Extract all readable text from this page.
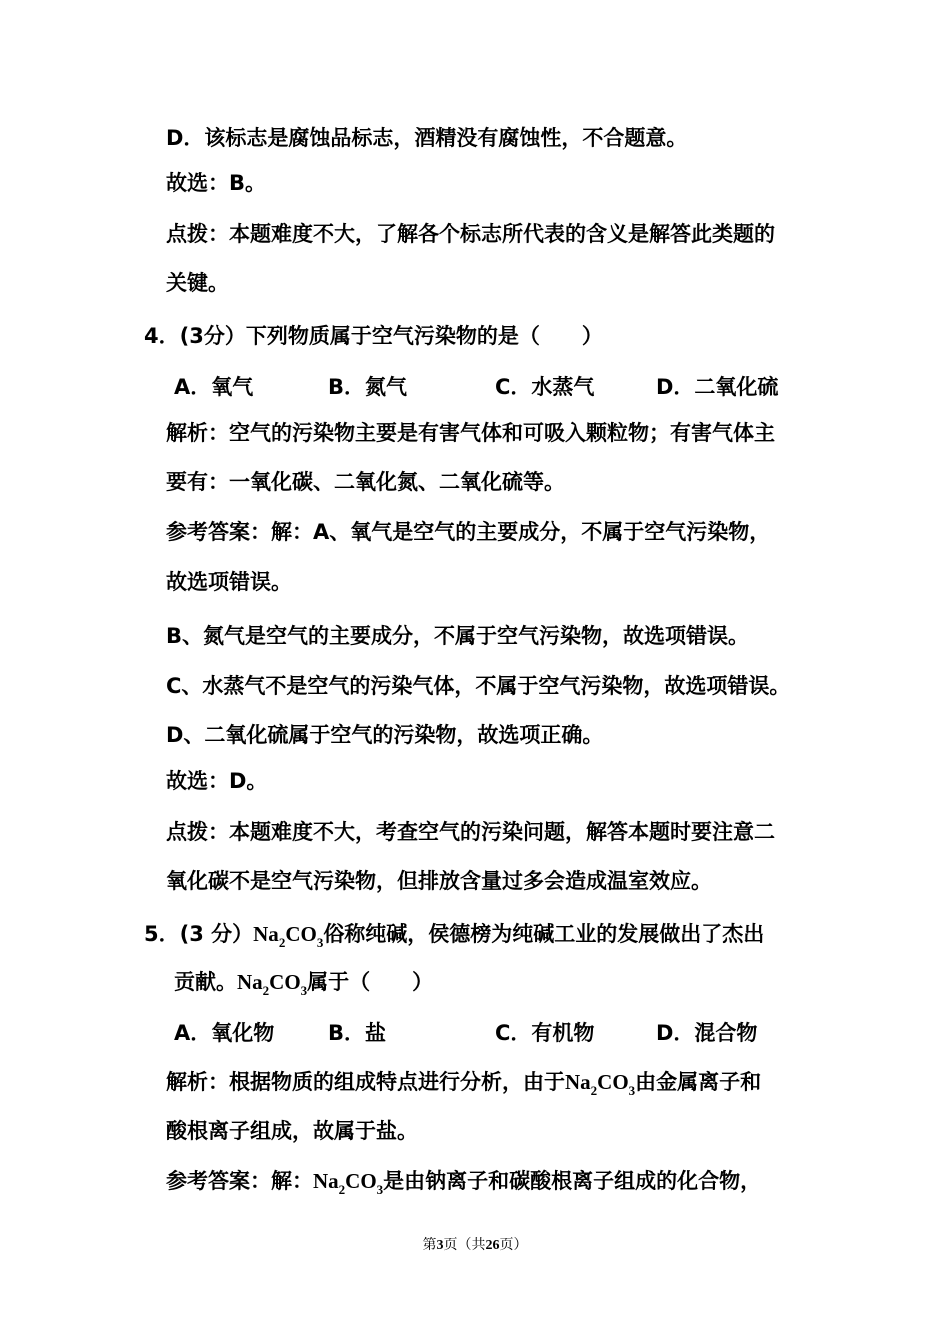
D．该标志是腐蚀品标志，酒精没有腐蚀性，不合题意。
故选：B。
点拨：本题难度不大，了解各个标志所代表的含义是解答此类题的
关键。
4．(3分）下列物质属于空气污染物的是（　　）
A．氧气	B．氮气	C．水蒸气	D．二氧化硫
解析：空气的污染物主要是有害气体和可吸入颗粒物；有害气体主
要有：一氧化碳、二氧化氮、二氧化硫等。
参考答案：解：A、氧气是空气的主要成分，不属于空气污染物，
故选项错误。
B、氮气是空气的主要成分，不属于空气污染物，故选项错误。
C、水蒸气不是空气的污染气体，不属于空气污染物，故选项错误。
D、二氧化硫属于空气的污染物，故选项正确。
故选：D。
点拨：本题难度不大，考查空气的污染问题，解答本题时要注意二
氧化碳不是空气污染物，但排放含量过多会造成温室效应。
5．(3 分）$Na_2CO_3$俗称纯碱，侯德榜为纯碱工业的发展做出了杰出
贡献。$Na_2CO_3$属于（　　）
A．氧化物	B．盐	C．有机物	D．混合物
解析：根据物质的组成特点进行分析，由于$Na_2CO_3$由金属离子和
酸根离子组成，故属于盐。
参考答案：解：$Na_2CO_3$是由钠离子和碳酸根离子组成的化合物，
第3页（共26页）
